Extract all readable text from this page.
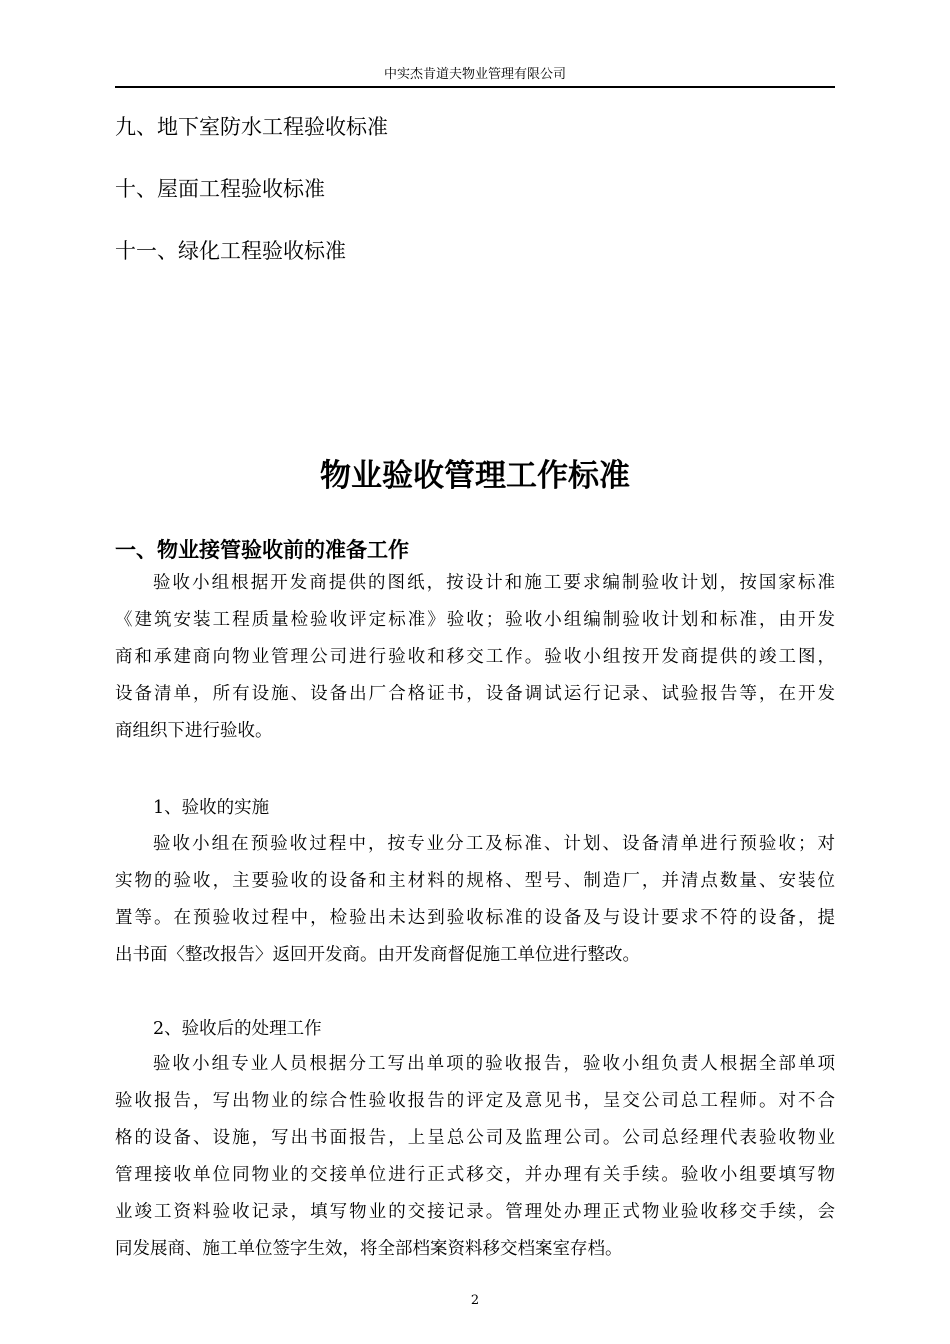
中实杰肯道夫物业管理有限公司
九、地下室防水工程验收标准
十、屋面工程验收标准
十一、绿化工程验收标准
物业验收管理工作标准
一、物业接管验收前的准备工作
验收小组根据开发商提供的图纸，按设计和施工要求编制验收计划，按国家标准
《建筑安装工程质量检验收评定标准》验收；验收小组编制验收计划和标准，由开发
商和承建商向物业管理公司进行验收和移交工作。验收小组按开发商提供的竣工图，
设备清单，所有设施、设备出厂合格证书，设备调试运行记录、试验报告等，在开发
商组织下进行验收。
1、验收的实施
验收小组在预验收过程中，按专业分工及标准、计划、设备清单进行预验收；对
实物的验收，主要验收的设备和主材料的规格、型号、制造厂，并清点数量、安装位
置等。在预验收过程中，检验出未达到验收标准的设备及与设计要求不符的设备，提
出书面〈整改报告〉返回开发商。由开发商督促施工单位进行整改。
2、验收后的处理工作
验收小组专业人员根据分工写出单项的验收报告，验收小组负责人根据全部单项
验收报告，写出物业的综合性验收报告的评定及意见书，呈交公司总工程师。对不合
格的设备、设施，写出书面报告，上呈总公司及监理公司。公司总经理代表验收物业
管理接收单位同物业的交接单位进行正式移交，并办理有关手续。验收小组要填写物
业竣工资料验收记录，填写物业的交接记录。管理处办理正式物业验收移交手续，会
同发展商、施工单位签字生效，将全部档案资料移交档案室存档。
2
